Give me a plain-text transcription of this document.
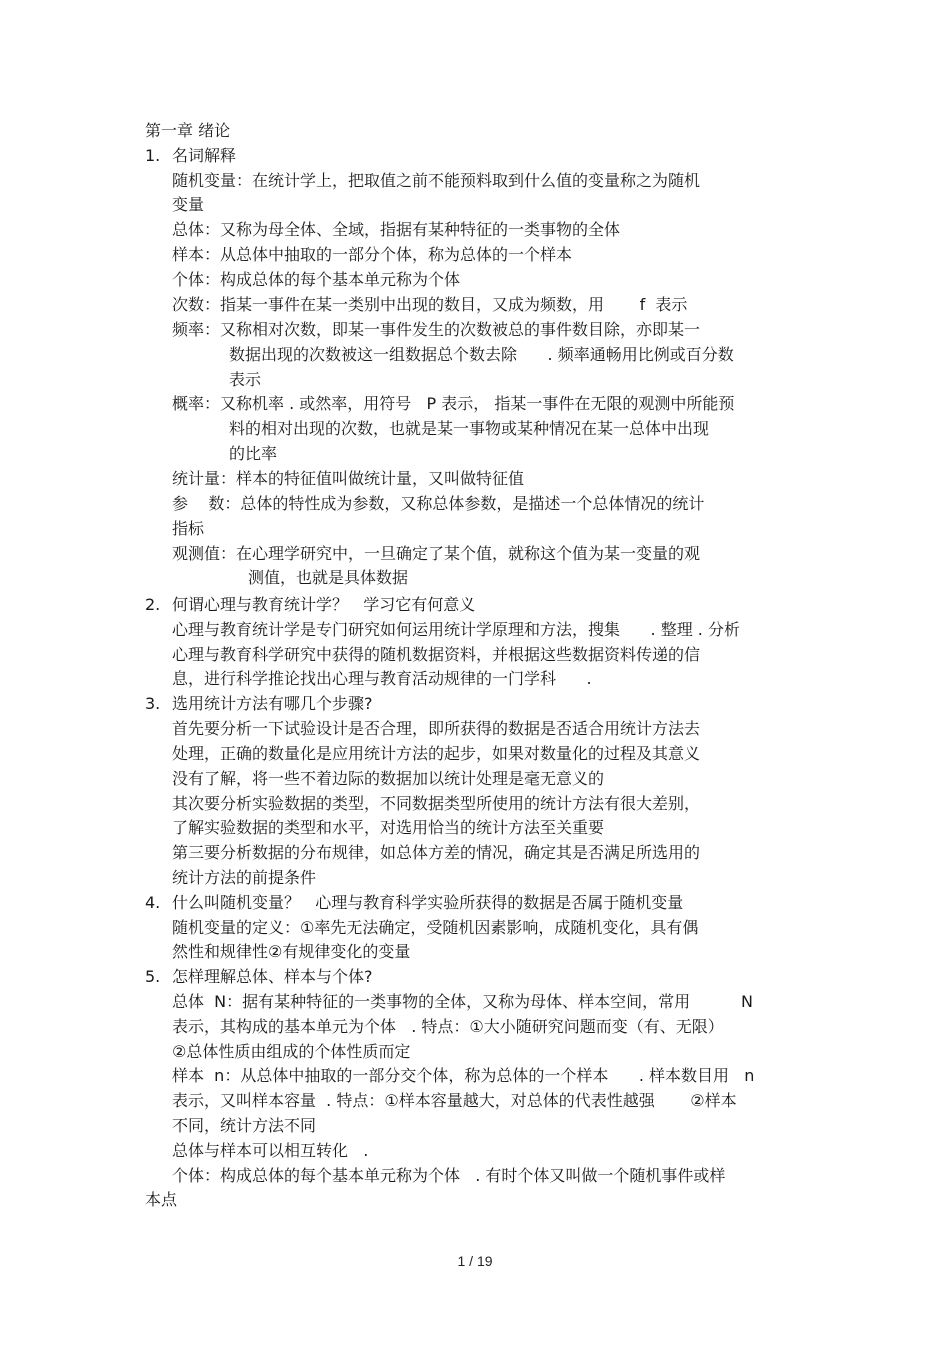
第一章 绪论
1. 名词解释
随机变量：在统计学上，把取值之前不能预料取到什么值的变量称之为随机
变量
总体：又称为母全体、全域，指据有某种特征的一类事物的全体
样本：从总体中抽取的一部分个体，称为总体的一个样本
个体：构成总体的每个基本单元称为个体
次数：指某一事件在某一类别中出现的数目，又成为频数，用       f  表示
频率：又称相对次数，即某一事件发生的次数被总的事件数目除，亦即某一
数据出现的次数被这一组数据总个数去除      . 频率通畅用比例或百分数
表示
概率：又称机率 . 或然率，用符号   P 表示， 指某一事件在无限的观测中所能预
料的相对出现的次数，也就是某一事物或某种情况在某一总体中出现
的比率
统计量：样本的特征值叫做统计量，又叫做特征值
参    数：总体的特性成为参数，又称总体参数，是描述一个总体情况的统计
指标
观测值：在心理学研究中，一旦确定了某个值，就称这个值为某一变量的观
测值，也就是具体数据
2. 何谓心理与教育统计学？   学习它有何意义
心理与教育统计学是专门研究如何运用统计学原理和方法，搜集      . 整理 . 分析
心理与教育科学研究中获得的随机数据资料，并根据这些数据资料传递的信
息，进行科学推论找出心理与教育活动规律的一门学科      .
3. 选用统计方法有哪几个步骤?
首先要分析一下试验设计是否合理，即所获得的数据是否适合用统计方法去
处理，正确的数量化是应用统计方法的起步，如果对数量化的过程及其意义
没有了解，将一些不着边际的数据加以统计处理是毫无意义的
其次要分析实验数据的类型，不同数据类型所使用的统计方法有很大差别，
了解实验数据的类型和水平，对选用恰当的统计方法至关重要
第三要分析数据的分布规律，如总体方差的情况，确定其是否满足所选用的
统计方法的前提条件
4. 什么叫随机变量？   心理与教育科学实验所获得的数据是否属于随机变量
随机变量的定义：①率先无法确定，受随机因素影响，成随机变化，具有偶
然性和规律性②有规律变化的变量
5. 怎样理解总体、样本与个体?
总体  N：据有某种特征的一类事物的全体，又称为母体、样本空间，常用          N
表示，其构成的基本单元为个体   . 特点：①大小随研究问题而变（有、无限）
②总体性质由组成的个体性质而定
样本  n：从总体中抽取的一部分交个体，称为总体的一个样本      . 样本数目用   n
表示，又叫样本容量  . 特点：①样本容量越大，对总体的代表性越强       ②样本
不同，统计方法不同
总体与样本可以相互转化   .
个体：构成总体的每个基本单元称为个体   . 有时个体又叫做一个随机事件或样
本点
1 / 19
